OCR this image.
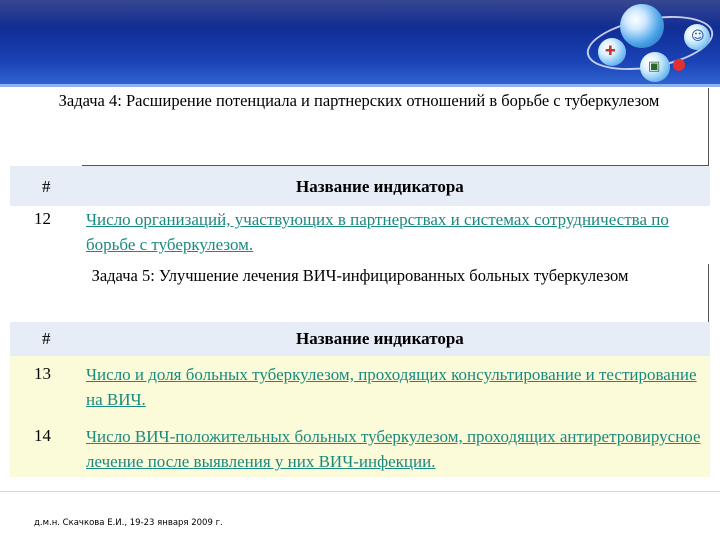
✚
☺
▣ ●
Задача 4: Расширение потенциала и партнерских отношений в борьбе с туберкулезом
#	Название индикатора
12 Число организаций, участвующих в партнерствах и системах сотрудничества по борьбе с туберкулезом.
Задача 5: Улучшение лечения ВИЧ-инфицированных больных туберкулезом
#	Название индикатора
13 Число и доля больных туберкулезом, проходящих консультирование и тестирование на ВИЧ.
14 Число ВИЧ-положительных больных туберкулезом, проходящих антиретровирусное лечение после выявления у них ВИЧ-инфекции.
д.м.н. Скачкова Е.И., 19-23 января 2009 г.
